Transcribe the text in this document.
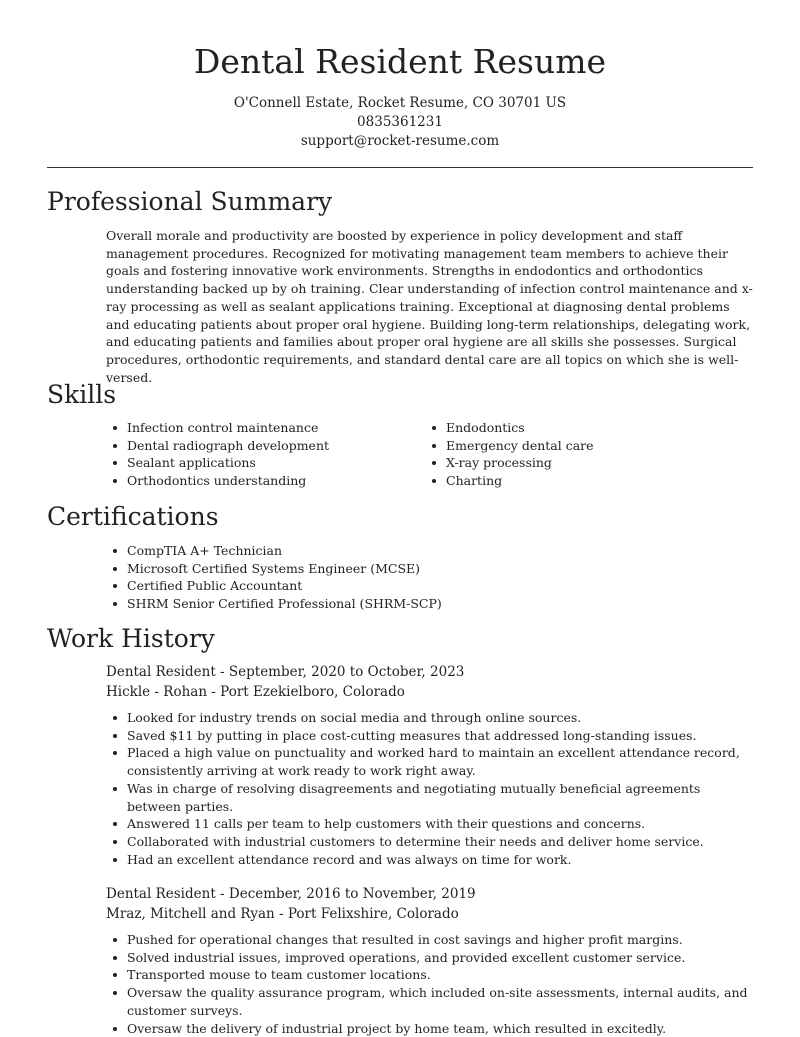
Dental Resident Resume
O'Connell Estate, Rocket Resume, CO 30701 US
0835361231
support@rocket-resume.com
Professional Summary

Overall morale and productivity are boosted by experience in policy development and staff management procedures. Recognized for motivating management team members to achieve their goals and fostering innovative work environments. Strengths in endodontics and orthodontics understanding backed up by oh training. Clear understanding of infection control maintenance and x-ray processing as well as sealant applications training. Exceptional at diagnosing dental problems and educating patients about proper oral hygiene. Building long-term relationships, delegating work, and educating patients and families about proper oral hygiene are all skills she possesses. Surgical procedures, orthodontic requirements, and standard dental care are all topics on which she is well-versed.

Skills
Infection control maintenance
Dental radiograph development
Sealant applications
Orthodontics understanding
Endodontics
Emergency dental care
X-ray processing
Charting
Certifications
CompTIA A+ Technician
Microsoft Certified Systems Engineer (MCSE)
Certified Public Accountant
SHRM Senior Certified Professional (SHRM-SCP)
Work History
Dental Resident - September, 2020 to October, 2023
Hickle - Rohan - Port Ezekielboro, Colorado
Looked for industry trends on social media and through online sources.
Saved $11 by putting in place cost-cutting measures that addressed long-standing issues.
Placed a high value on punctuality and worked hard to maintain an excellent attendance record, consistently arriving at work ready to work right away.
Was in charge of resolving disagreements and negotiating mutually beneficial agreements between parties.
Answered 11 calls per team to help customers with their questions and concerns.
Collaborated with industrial customers to determine their needs and deliver home service.
Had an excellent attendance record and was always on time for work.
Dental Resident - December, 2016 to November, 2019
Mraz, Mitchell and Ryan - Port Felixshire, Colorado
Pushed for operational changes that resulted in cost savings and higher profit margins.
Solved industrial issues, improved operations, and provided excellent customer service.
Transported mouse to team customer locations.
Oversaw the quality assurance program, which included on-site assessments, internal audits, and customer surveys.
Oversaw the delivery of industrial project by home team, which resulted in excitedly.
